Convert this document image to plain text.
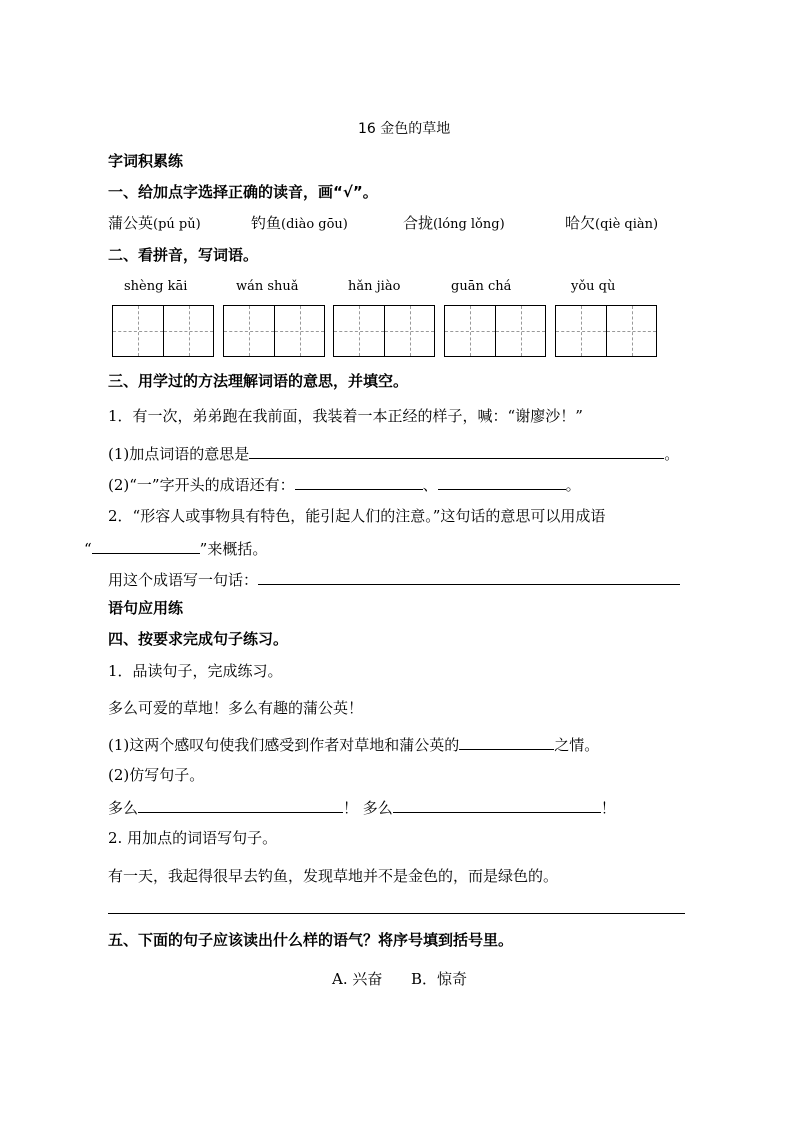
16 金色的草地
字词积累练
一、给加点字选择正确的读音，画“√”。
蒲公英(pú pǔ)	钓鱼(diào gōu)	合拢(lóng lǒng)	哈欠(qiè qiàn)
二、看拼音，写词语。
shèng kāi	wán shuǎ	hǎn jiào	guān chá	yǒu qù
三、用学过的方法理解词语的意思，并填空。
1．有一次，弟弟跑在我前面，我装着一本正经的样子，喊：“谢廖沙！”
(1)加点词语的意思是	。
(2)“一”字开头的成语还有：	、	。
2．“形容人或事物具有特色，能引起人们的注意。”这句话的意思可以用成语
“	”来概括。
用这个成语写一句话：
语句应用练
四、按要求完成句子练习。
1．品读句子，完成练习。
多么可爱的草地！多么有趣的蒲公英！
(1)这两个感叹句使我们感受到作者对草地和蒲公英的	之情。
(2)仿写句子。
多么	！ 多么	！
2. 用加点的词语写句子。
有一天，我起得很早去钓鱼，发现草地并不是金色的，而是绿色的。
五、下面的句子应该读出什么样的语气？将序号填到括号里。
A. 兴奋      B．惊奇
